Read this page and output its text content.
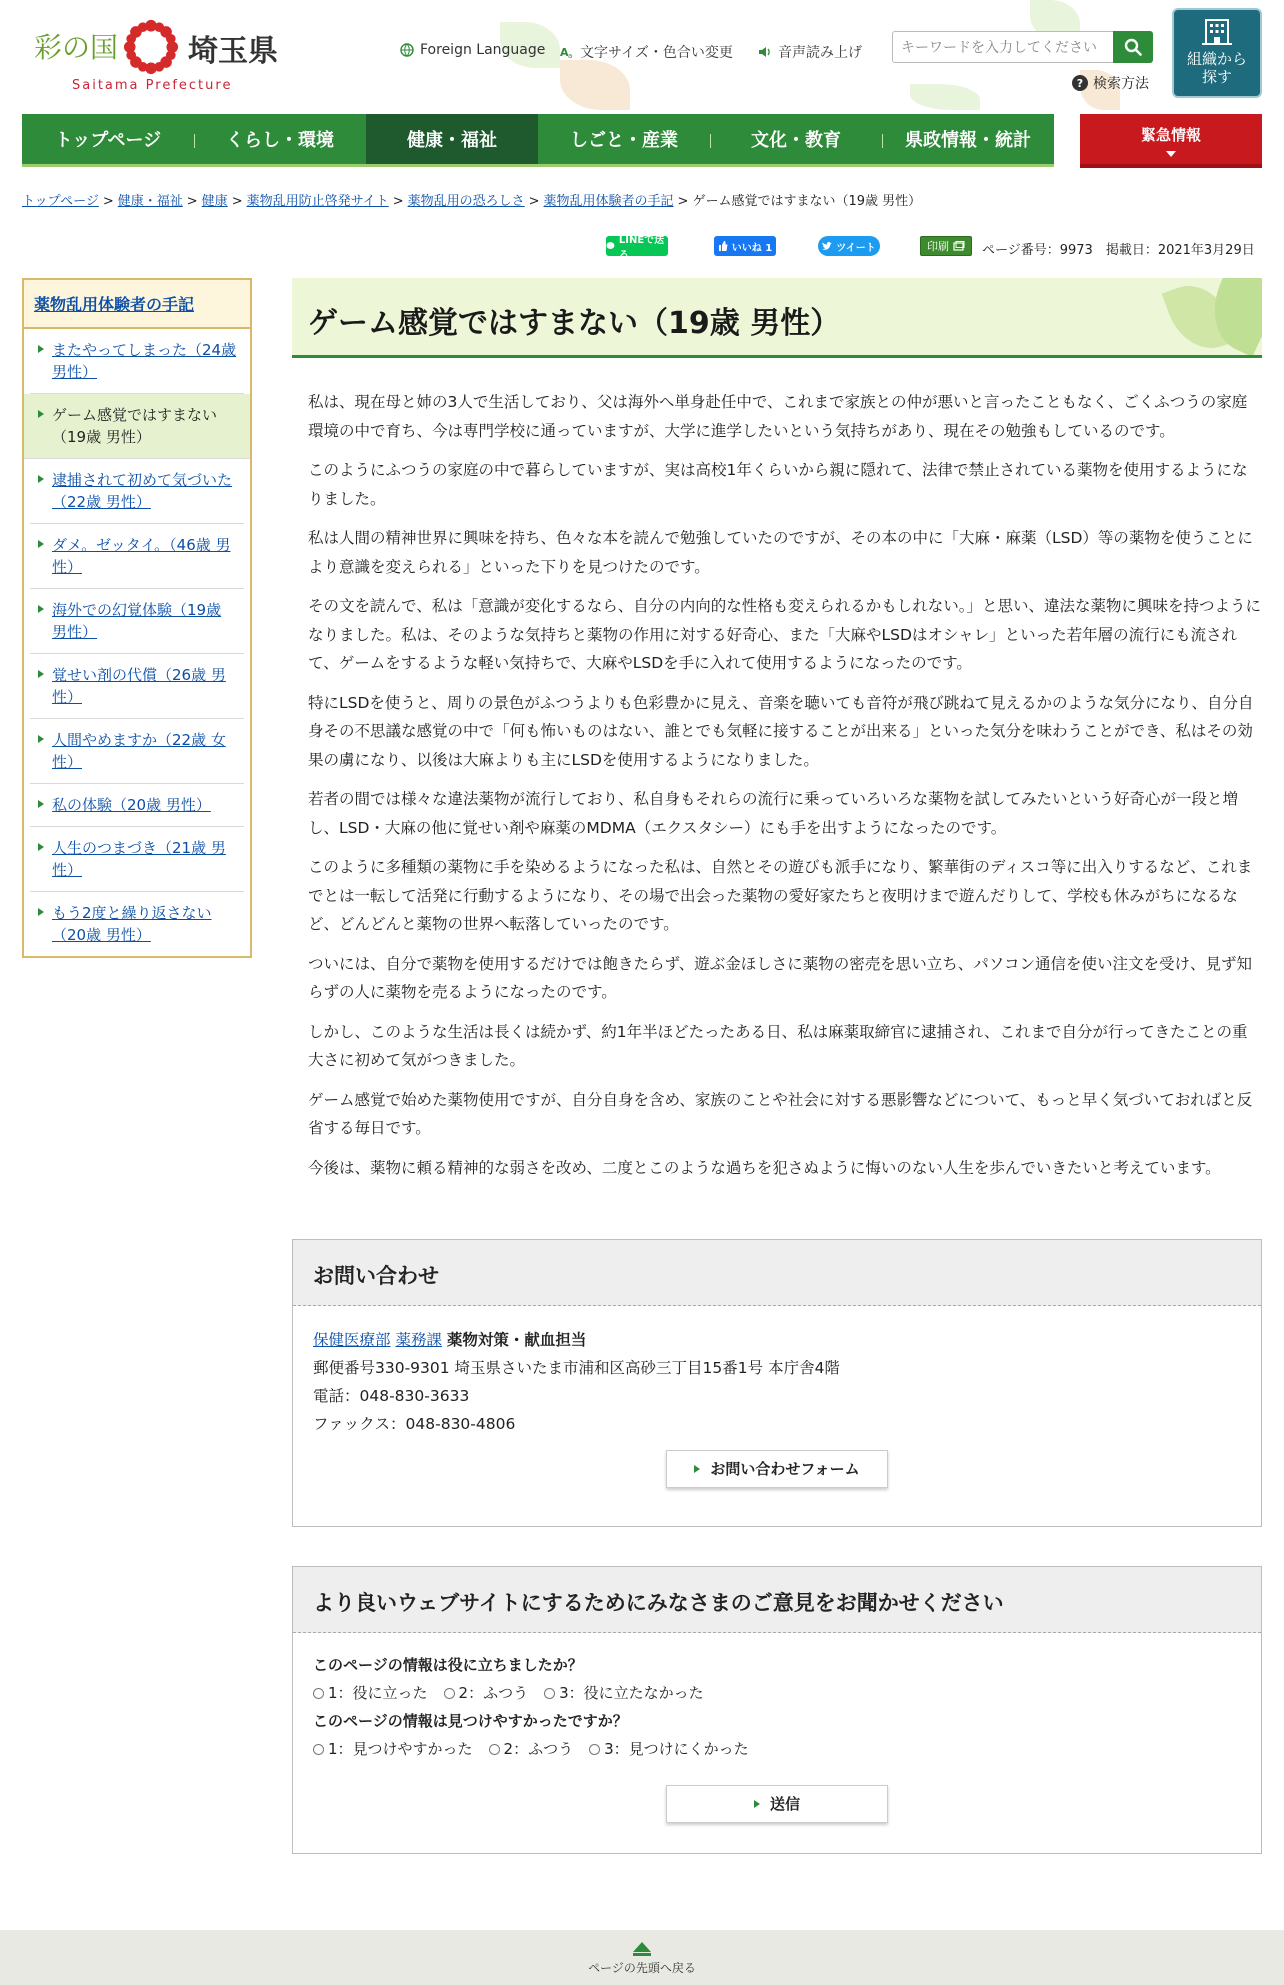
彩の国 埼玉県
Saitama Prefecture
Foreign Language A a 文字サイズ・色合い変更	音声読み上げ
キーワードを入力してください
? 検索方法
組織から
探す
トップページ	くらし・環境	健康・福祉	しごと・産業	文化・教育	県政情報・統計	緊急情報
トップページ > 健康・福祉 > 健康 > 薬物乱用防止啓発サイト > 薬物乱用の恐ろしさ > 薬物乱用体験者の手記 > ゲーム感覚ではすまない（19歳 男性）
LINEで送る
いいね 1	ツイート	印刷	ページ番号：9973　掲載日：2021年3月29日
薬物乱用体験者の手記
またやってしまった（24歳 男性）
ゲーム感覚ではすまない（19歳 男性）
逮捕されて初めて気づいた（22歳 男性）
ダメ。ゼッタイ。（46歳 男性）
海外での幻覚体験（19歳 男性）
覚せい剤の代償（26歳 男性）
人間やめますか（22歳 女性）
私の体験（20歳 男性）
人生のつまづき（21歳 男性）
もう2度と繰り返さない（20歳 男性）
ゲーム感覚ではすまない（19歳 男性）

私は、現在母と姉の3人で生活しており、父は海外へ単身赴任中で、これまで家族との仲が悪いと言ったこともなく、ごくふつうの家庭環境の中で育ち、今は専門学校に通っていますが、大学に進学したいという気持ちがあり、現在その勉強もしているのです。

このようにふつうの家庭の中で暮らしていますが、実は高校1年くらいから親に隠れて、法律で禁止されている薬物を使用するようになりました。

私は人間の精神世界に興味を持ち、色々な本を読んで勉強していたのですが、その本の中に「大麻・麻薬（LSD）等の薬物を使うことにより意識を変えられる」といった下りを見つけたのです。

その文を読んで、私は「意識が変化するなら、自分の内向的な性格も変えられるかもしれない。」と思い、違法な薬物に興味を持つようになりました。私は、そのような気持ちと薬物の作用に対する好奇心、また「大麻やLSDはオシャレ」といった若年層の流行にも流されて、ゲームをするような軽い気持ちで、大麻やLSDを手に入れて使用するようになったのです。

特にLSDを使うと、周りの景色がふつうよりも色彩豊かに見え、音楽を聴いても音符が飛び跳ねて見えるかのような気分になり、自分自身その不思議な感覚の中で「何も怖いものはない、誰とでも気軽に接することが出来る」といった気分を味わうことができ、私はその効果の虜になり、以後は大麻よりも主にLSDを使用するようになりました。

若者の間では様々な違法薬物が流行しており、私自身もそれらの流行に乗っていろいろな薬物を試してみたいという好奇心が一段と増し、LSD・大麻の他に覚せい剤や麻薬のMDMA（エクスタシー）にも手を出すようになったのです。

このように多種類の薬物に手を染めるようになった私は、自然とその遊びも派手になり、繁華街のディスコ等に出入りするなど、これまでとは一転して活発に行動するようになり、その場で出会った薬物の愛好家たちと夜明けまで遊んだりして、学校も休みがちになるなど、どんどんと薬物の世界へ転落していったのです。

ついには、自分で薬物を使用するだけでは飽きたらず、遊ぶ金ほしさに薬物の密売を思い立ち、パソコン通信を使い注文を受け、見ず知らずの人に薬物を売るようになったのです。

しかし、このような生活は長くは続かず、約1年半ほどたったある日、私は麻薬取締官に逮捕され、これまで自分が行ってきたことの重大さに初めて気がつきました。

ゲーム感覚で始めた薬物使用ですが、自分自身を含め、家族のことや社会に対する悪影響などについて、もっと早く気づいておればと反省する毎日です。

今後は、薬物に頼る精神的な弱さを改め、二度とこのような過ちを犯さぬように悔いのない人生を歩んでいきたいと考えています。

お問い合わせ
保健医療部 薬務課 薬物対策・献血担当
郵便番号330-9301 埼玉県さいたま市浦和区高砂三丁目15番1号 本庁舎4階
電話：048-830-3633
ファックス：048-830-4806
お問い合わせフォーム
より良いウェブサイトにするためにみなさまのご意見をお聞かせください
このページの情報は役に立ちましたか？
1：役に立った 2：ふつう 3：役に立たなかった
このページの情報は見つけやすかったですか？
1：見つけやすかった 2：ふつう 3：見つけにくかった
送信
ページの先頭へ戻る
